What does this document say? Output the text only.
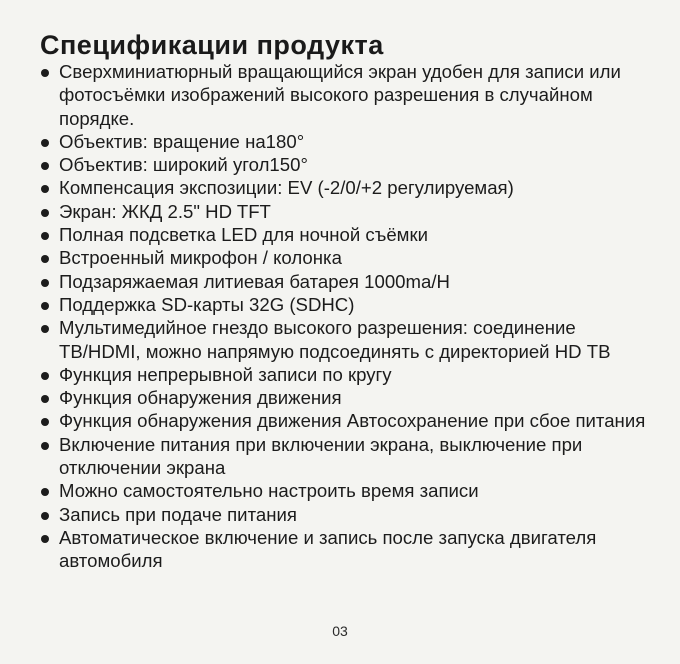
Спецификации продукта
Сверхминиатюрный вращающийся экран удобен для записи или фотосъёмки изображений высокого разрешения в случайном порядке.
Объектив: вращение на180°
Объектив: широкий угол150°
Компенсация экспозиции: EV (-2/0/+2 регулируемая)
Экран: ЖКД 2.5" HD TFT
Полная подсветка LED для ночной съёмки
Встроенный микрофон / колонка
Подзаряжаемая литиевая батарея 1000ma/H
Поддержка SD-карты 32G (SDHC)
Мультимедийное гнездо высокого разрешения: соединение ТВ/HDMI, можно напрямую подсоединять с директорией HD ТВ
Функция непрерывной записи по кругу
Функция обнаружения движения
Функция обнаружения движения Автосохранение при сбое питания
Включение питания при включении экрана, выключение при отключении экрана
Можно самостоятельно настроить время записи
Запись при подаче питания
Автоматическое включение и запись после запуска двигателя автомобиля
03
